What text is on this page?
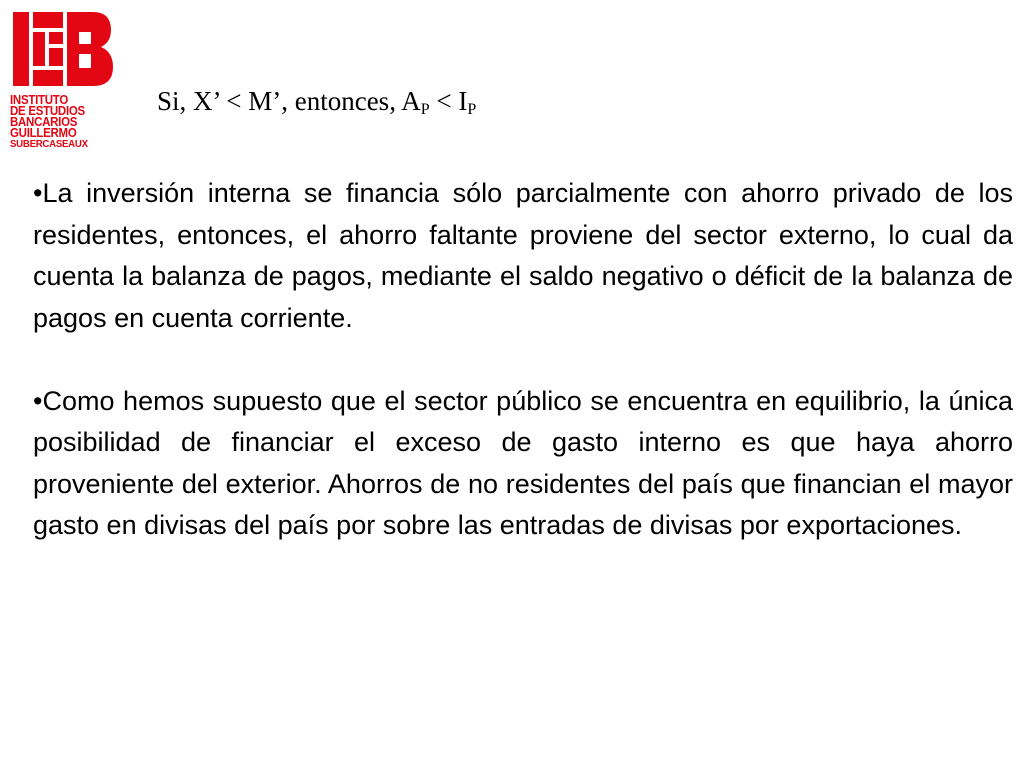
INSTITUTO
DE ESTUDIOS
BANCARIOS
GUILLERMO
SUBERCASEAUX
Si, X’ < M’, entonces, $A_P < I_P$

•La inversión interna se financia sólo parcialmente con ahorro privado de los residentes, entonces, el ahorro faltante proviene del sector externo, lo cual da cuenta la balanza de pagos, mediante el saldo negativo o déficit de la balanza de pagos en cuenta corriente.

•Como hemos supuesto que el sector público se encuentra en equilibrio, la única posibilidad de financiar el exceso de gasto interno es que haya ahorro proveniente del exterior. Ahorros de no residentes del país que financian el mayor gasto en divisas del país por sobre las entradas de divisas por exportaciones.
